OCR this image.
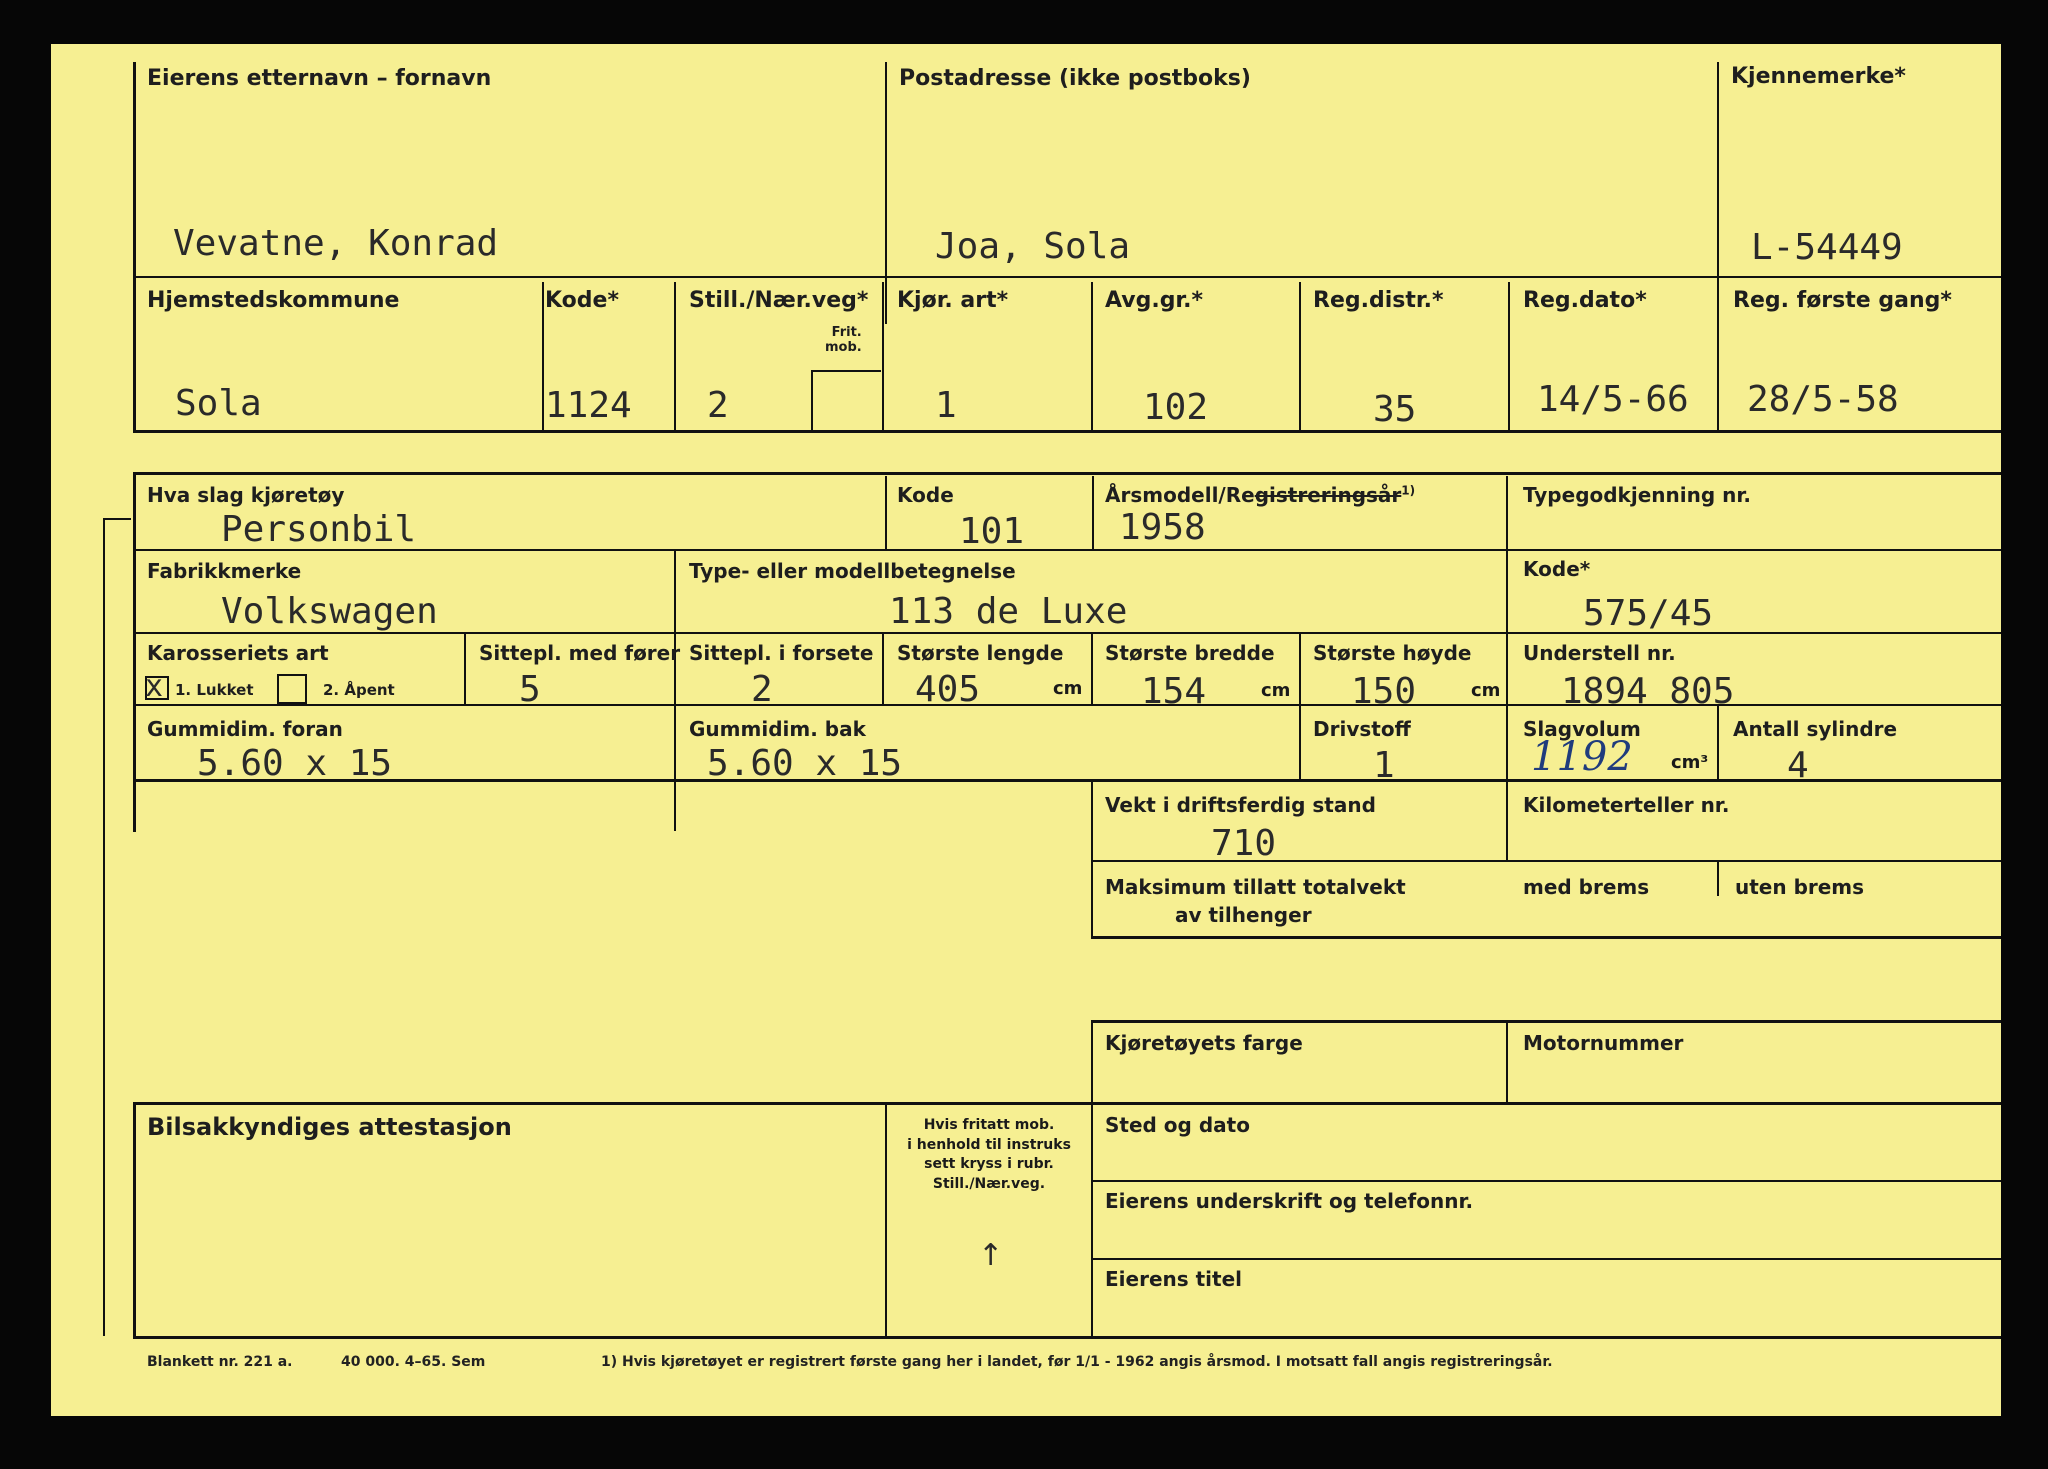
Eierens etternavn – fornavn
Vevatne, Konrad
Postadresse (ikke postboks)
Joa, Sola
Kjennemerke*
L-54449
Hjemstedskommune
Sola
Kode*
1124
Still./Nær.veg*
Frit.
mob.
2
Kjør. art*
1
Avg.gr.*
102
Reg.distr.*
35
Reg.dato*
14/5-66
Reg. første gang*
28/5-58
Hva slag kjøretøy
Personbil
Kode
101
Årsmodell/Registreringsår$^{1)}$
1958
Typegodkjenning nr.
Fabrikkmerke
Volkswagen
Type- eller modellbetegnelse
113 de Luxe
Kode*
575/45
Karosseriets art
x 1. Lukket	2. Åpent
Sittepl. med fører
5
Sittepl. i forsete
2
Største lengde
405	cm
Største bredde
154	cm
Største høyde
150	cm
Understell nr.
1894 805
Gummidim. foran
5.60 x 15
Gummidim. bak
5.60 x 15
Drivstoff
1
Slagvolum
1192 cm³
Antall sylindre
4
Vekt i driftsferdig stand
710
Kilometerteller nr.
Maksimum tillatt totalvekt
av tilhenger
med brems	uten brems
Kjøretøyets farge	Motornummer
Bilsakkyndiges attestasjon	Hvis fritatt mob.
i henhold til instruks
sett kryss i rubr.
Still./Nær.veg.
↑
Sted og dato
Eierens underskrift og telefonnr.
Eierens titel
Blankett nr. 221 a.	40 000. 4–65. Sem	1) Hvis kjøretøyet er registrert første gang her i landet, før 1/1 - 1962 angis årsmod. I motsatt fall angis registreringsår.
